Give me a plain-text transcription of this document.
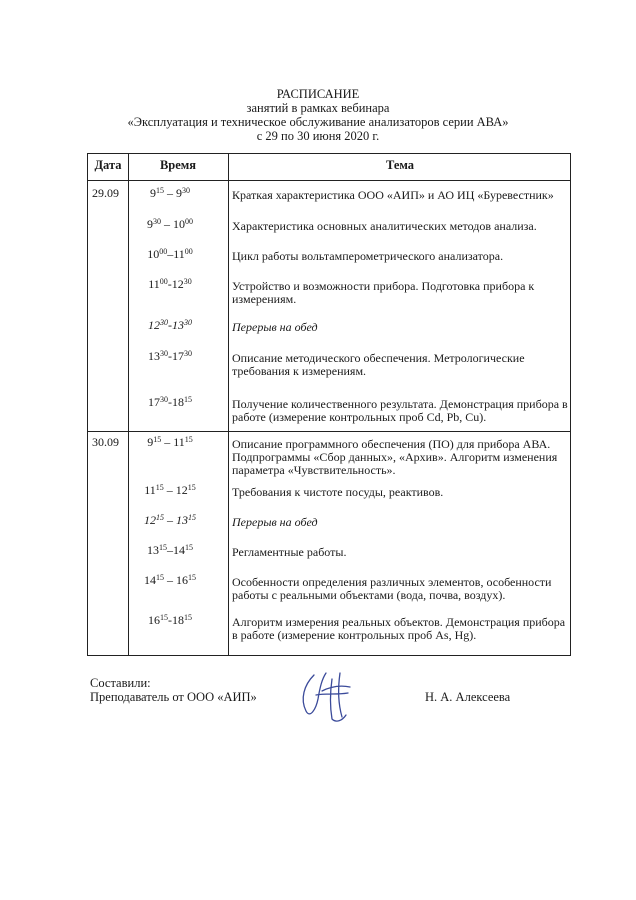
РАСПИСАНИЕ
занятий в рамках вебинара
«Эксплуатация и техническое обслуживание анализаторов серии АВА»
с 29 по 30 июня 2020 г.
Дата	Время	Тема
29.09	$9^{15} - 9^{30}$	Краткая характеристика ООО «АИП» и АО ИЦ «Буревестник»
$9^{30} - 10^{00}$	Характеристика основных аналитических методов анализа.
$10^{00}-11^{00}$	Цикл работы вольтамперометрического анализатора.
$11^{00}-12^{30}$	Устройство и возможности прибора. Подготовка прибора к измерениям.
$12^{30}-13^{30}$	Перерыв на обед
$13^{30}-17^{30}$	Описание методического обеспечения. Метрологические требования к измерениям.
$17^{30}-18^{15}$	Получение количественного результата. Демонстрация прибора в работе (измерение контрольных проб Cd, Pb, Cu).
30.09	$9^{15} - 11^{15}$	Описание программного обеспечения (ПО) для прибора АВА. Подпрограммы «Сбор данных», «Архив». Алгоритм изменения параметра «Чувствительность».
$11^{15} - 12^{15}$	Требования к чистоте посуды, реактивов.
$12^{15} - 13^{15}$	Перерыв на обед
$13^{15}-14^{15}$	Регламентные работы.
$14^{15} - 16^{15}$	Особенности определения различных элементов, особенности работы с реальными объектами (вода, почва, воздух).
$16^{15}-18^{15}$	Алгоритм измерения реальных объектов. Демонстрация прибора в работе (измерение контрольных проб As, Hg).
Составили:
Преподаватель от ООО «АИП»	Н. А. Алексеева
